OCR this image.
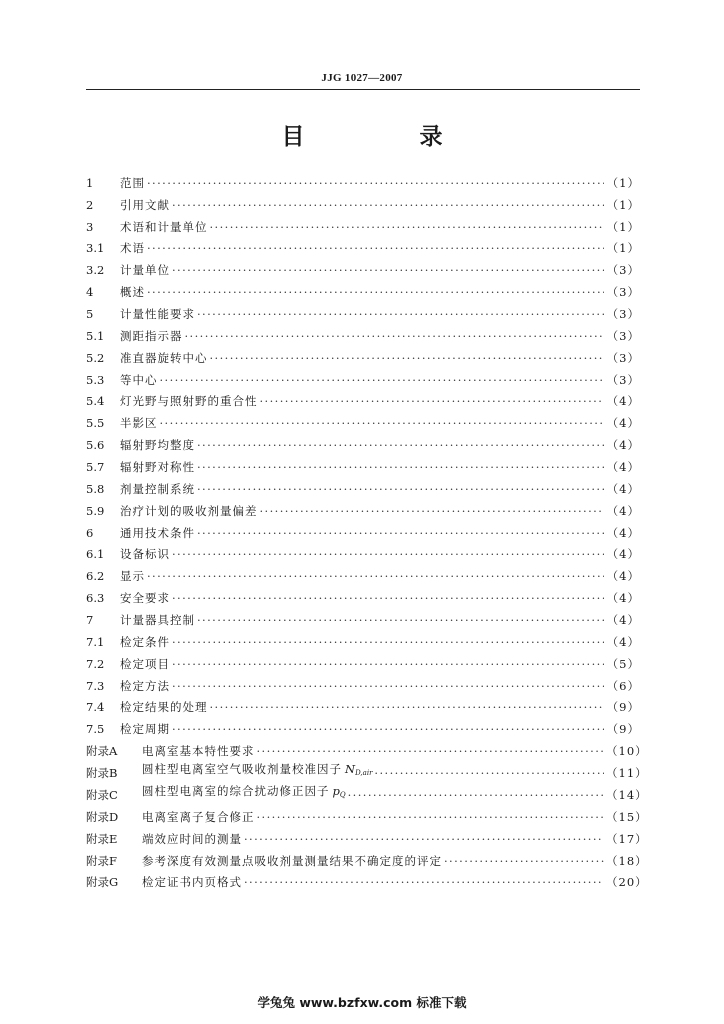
JJG 1027—2007
目　录
1	范围 ·····	（1）
2	引用文献 ·····	（1）
3	术语和计量单位 ·····	（1）
3.1	术语 ·····	（1）
3.2	计量单位 ·····	（3）
4	概述 ·····	（3）
5	计量性能要求 ·····	（3）
5.1	测距指示器 ·····	（3）
5.2	准直器旋转中心 ·····	（3）
5.3	等中心 ·····	（3）
5.4	灯光野与照射野的重合性 ·····	（4）
5.5	半影区 ·····	（4）
5.6	辐射野均整度 ·····	（4）
5.7	辐射野对称性 ·····	（4）
5.8	剂量控制系统 ·····	（4）
5.9	治疗计划的吸收剂量偏差 ·····	（4）
6	通用技术条件 ·····	（4）
6.1	设备标识 ·····	（4）
6.2	显示 ·····	（4）
6.3	安全要求 ·····	（4）
7	计量器具控制 ·····	（4）
7.1	检定条件 ·····	（4）
7.2	检定项目 ·····	（5）
7.3	检定方法 ·····	（6）
7.4	检定结果的处理 ·····	（9）
7.5	检定周期 ·····	（9）
附录A	电离室基本特性要求 ·····	（10）
附录B	圆柱型电离室空气吸收剂量校准因子 ND,air ·····	（11）
附录C	圆柱型电离室的综合扰动修正因子 pQ ·····	（14）
附录D	电离室离子复合修正 ·····	（15）
附录E	端效应时间的测量 ·····	（17）
附录F	参考深度有效测量点吸收剂量测量结果不确定度的评定 ·····	（18）
附录G	检定证书内页格式 ·····	（20）
学兔兔 www.bzfxw.com 标准下载
